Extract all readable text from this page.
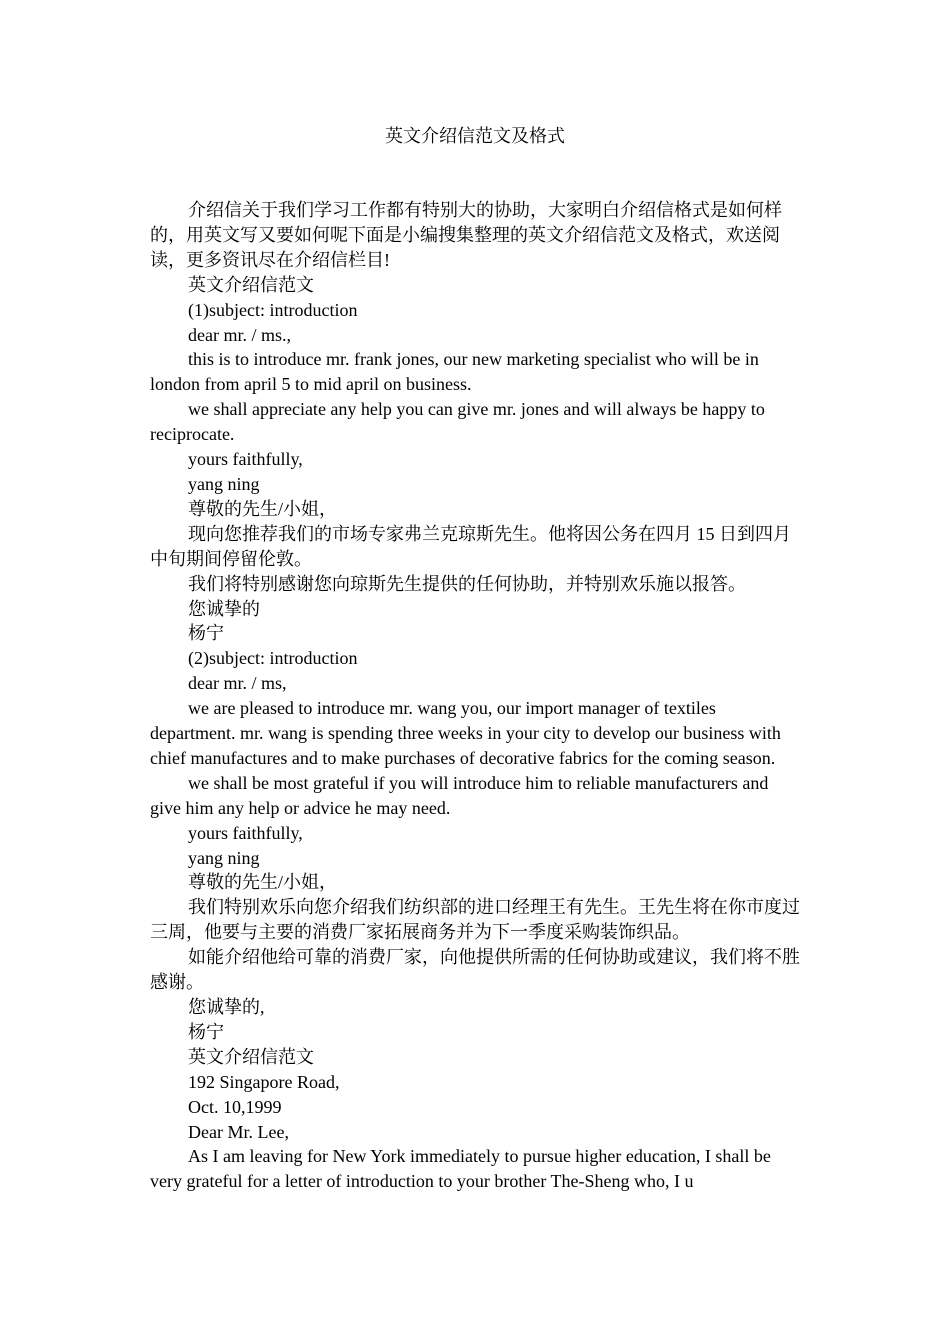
英文介绍信范文及格式

介绍信关于我们学习工作都有特别大的协助，大家明白介绍信格式是如何样的，用英文写又要如何呢下面是小编搜集整理的英文介绍信范文及格式，欢送阅读，更多资讯尽在介绍信栏目!

英文介绍信范文

(1)subject: introduction

dear mr. / ms.,

this is to introduce mr. frank jones, our new marketing specialist who will be in london from april 5 to mid april on business.

we shall appreciate any help you can give mr. jones and will always be happy to reciprocate.

yours faithfully,

yang ning

尊敬的先生/小姐，

现向您推荐我们的市场专家弗兰克琼斯先生。他将因公务在四月 15 日到四月中旬期间停留伦敦。

我们将特别感谢您向琼斯先生提供的任何协助，并特别欢乐施以报答。

您诚挚的

杨宁

(2)subject: introduction

dear mr. / ms,

we are pleased to introduce mr. wang you, our import manager of textiles department. mr. wang is spending three weeks in your city to develop our business with chief manufactures and to make purchases of decorative fabrics for the coming season.

we shall be most grateful if you will introduce him to reliable manufacturers and give him any help or advice he may need.

yours faithfully,

yang ning

尊敬的先生/小姐，

我们特别欢乐向您介绍我们纺织部的进口经理王有先生。王先生将在你市度过三周，他要与主要的消费厂家拓展商务并为下一季度采购装饰织品。

如能介绍他给可靠的消费厂家，向他提供所需的任何协助或建议，我们将不胜感谢。

您诚挚的,

杨宁

英文介绍信范文

192 Singapore Road,

Oct. 10,1999

Dear Mr. Lee,

As I am leaving for New York immediately to pursue higher education, I shall be very grateful for a letter of introduction to your brother The-Sheng who, I u
